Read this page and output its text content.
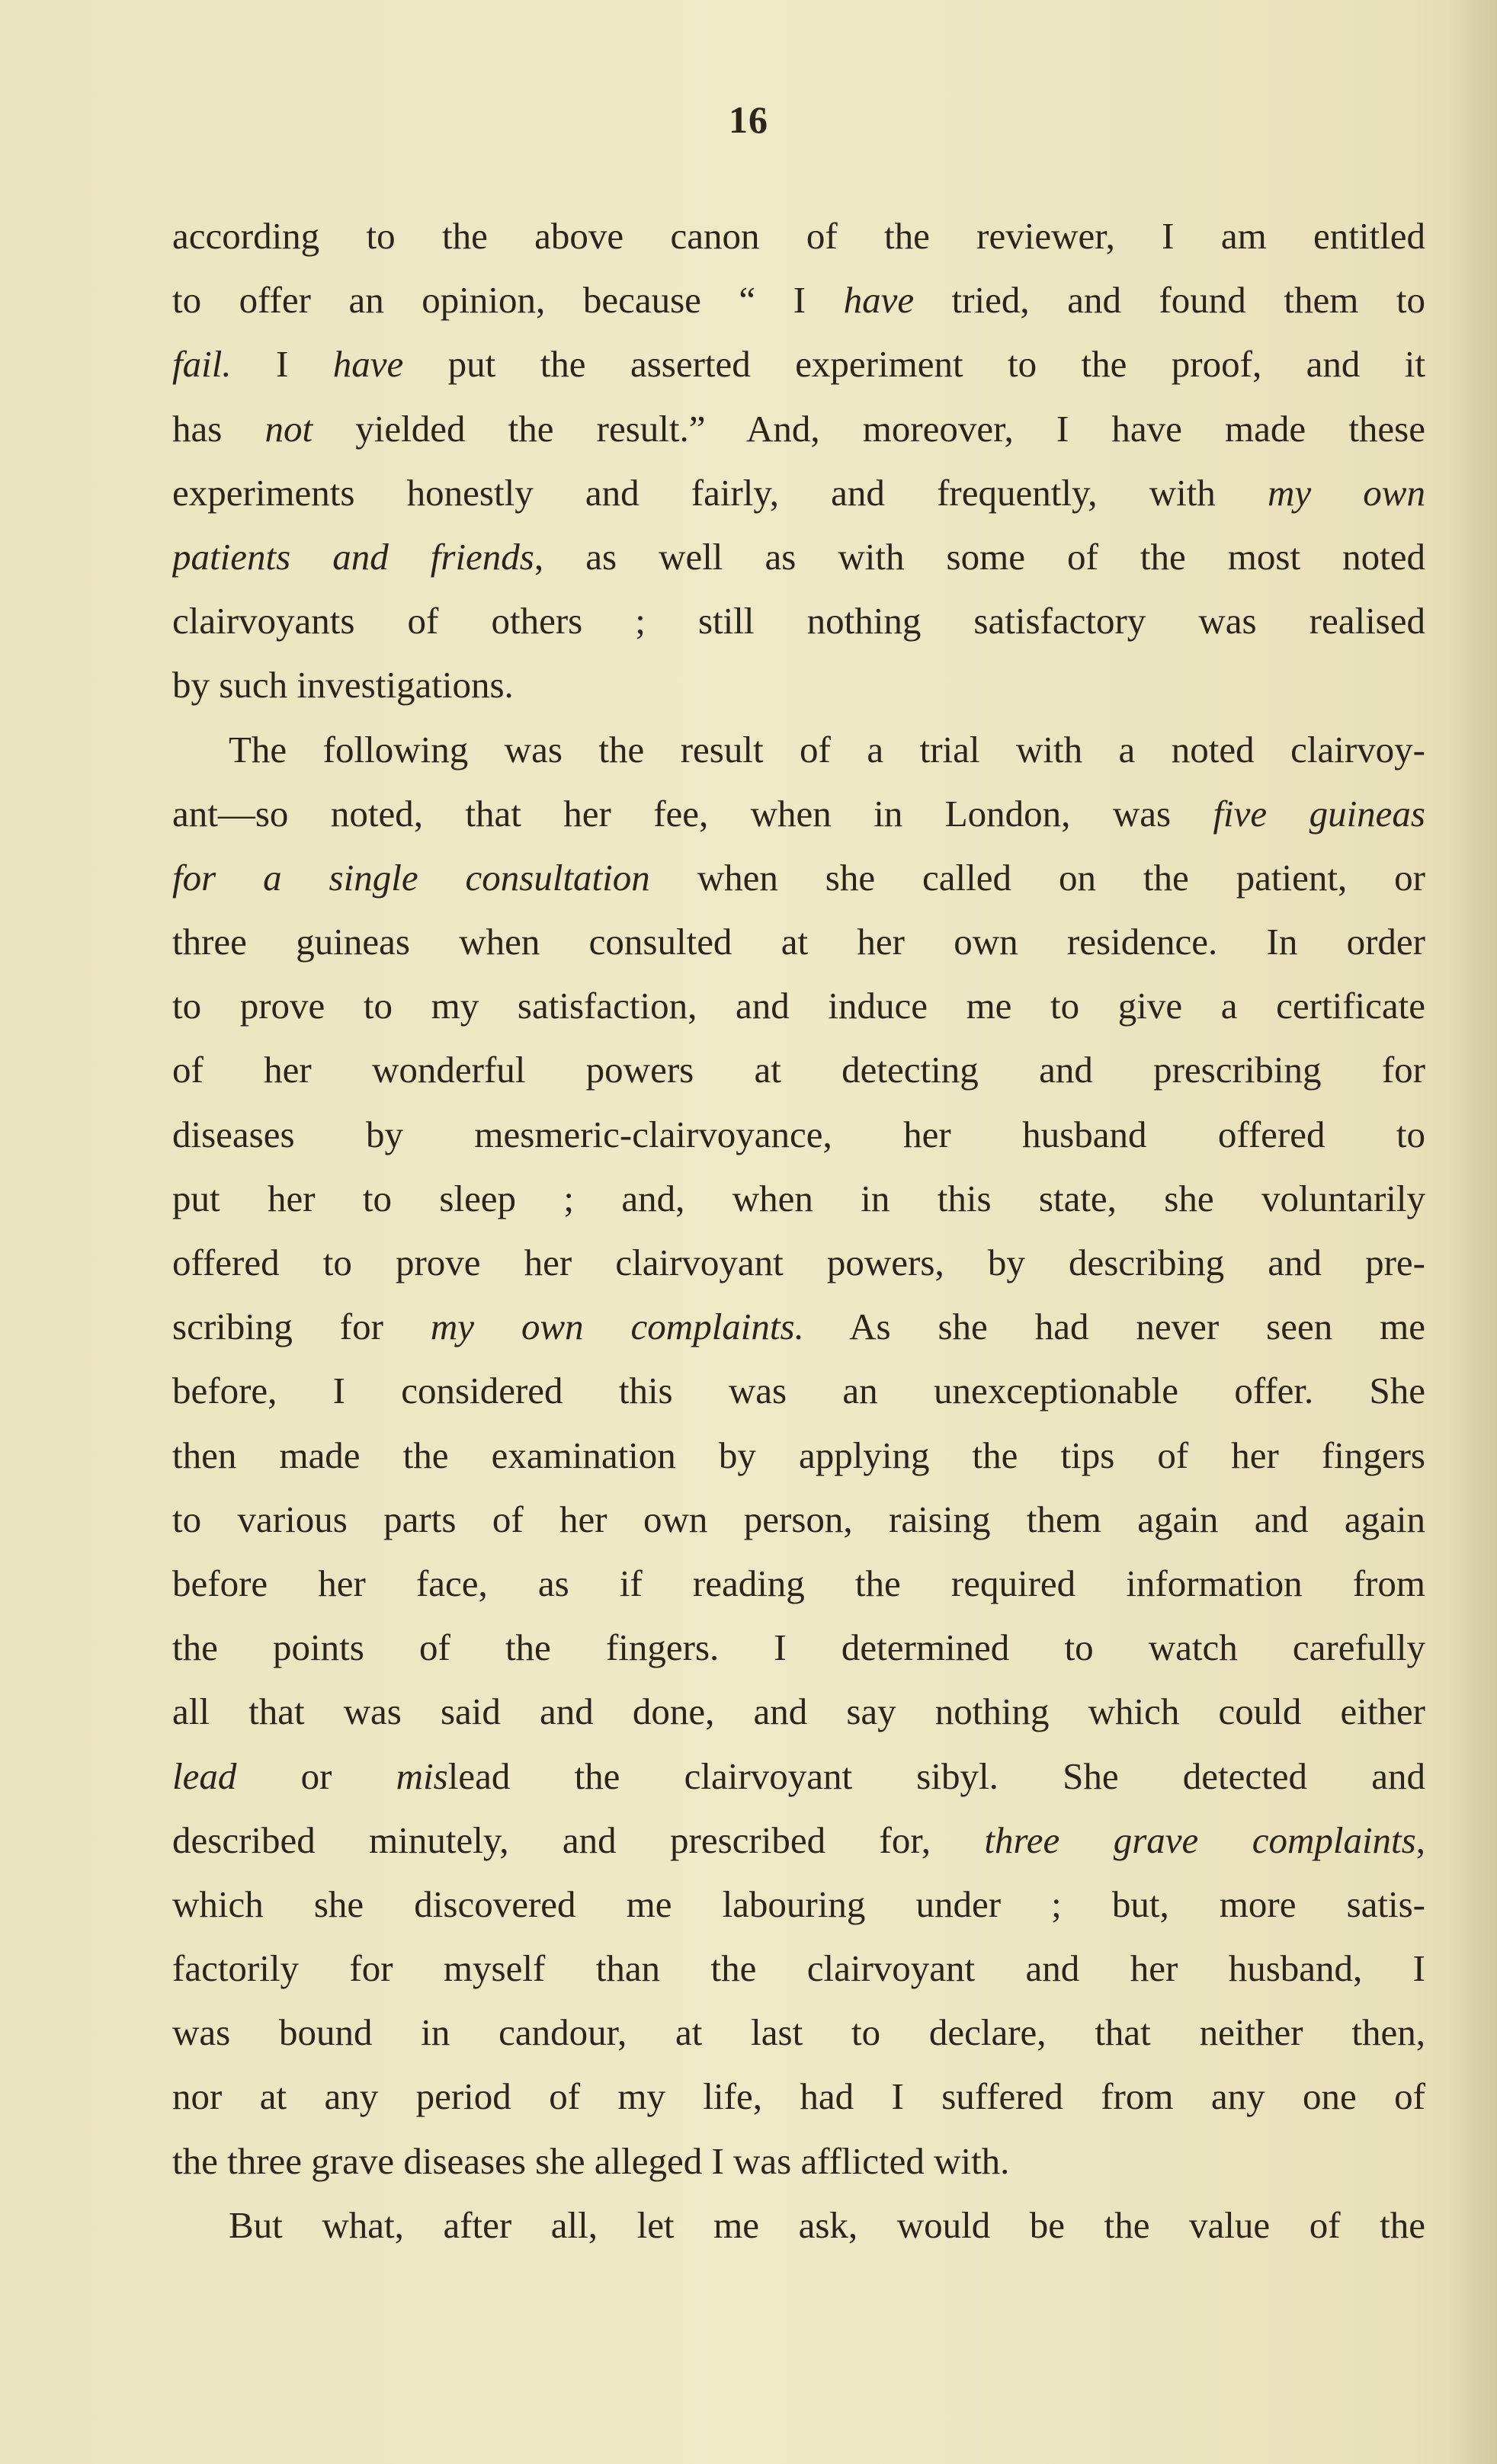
16
according to the above canon of the reviewer, I am entitled
to offer an opinion, because “ I have tried, and found them to
fail. I have put the asserted experiment to the proof, and it
has not yielded the result.” And, moreover, I have made these
experiments honestly and fairly, and frequently, with my own
patients and friends, as well as with some of the most noted
clairvoyants of others ; still nothing satisfactory was realised
by such investigations.
The following was the result of a trial with a noted clairvoy-
ant—so noted, that her fee, when in London, was five guineas
for a single consultation when she called on the patient, or
three guineas when consulted at her own residence. In order
to prove to my satisfaction, and induce me to give a certificate
of her wonderful powers at detecting and prescribing for
diseases by mesmeric-clairvoyance, her husband offered to
put her to sleep ; and, when in this state, she voluntarily
offered to prove her clairvoyant powers, by describing and pre-
scribing for my own complaints. As she had never seen me
before, I considered this was an unexceptionable offer. She
then made the examination by applying the tips of her fingers
to various parts of her own person, raising them again and again
before her face, as if reading the required information from
the points of the fingers. I determined to watch carefully
all that was said and done, and say nothing which could either
lead or mislead the clairvoyant sibyl. She detected and
described minutely, and prescribed for, three grave complaints,
which she discovered me labouring under ; but, more satis-
factorily for myself than the clairvoyant and her husband, I
was bound in candour, at last to declare, that neither then,
nor at any period of my life, had I suffered from any one of
the three grave diseases she alleged I was afflicted with.
But what, after all, let me ask, would be the value of the
